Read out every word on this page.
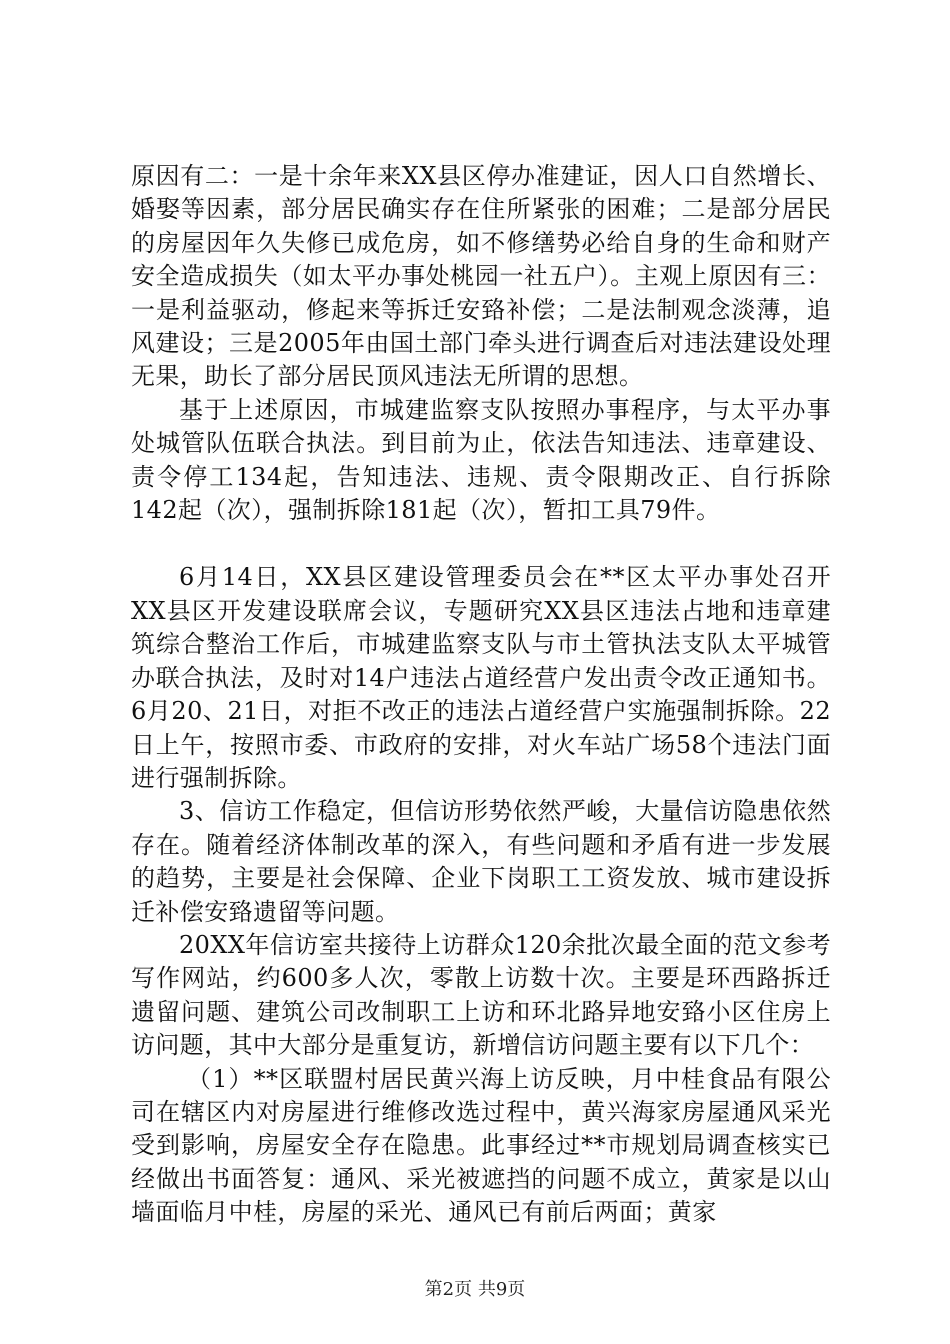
原因有二：一是十余年来XX县区停办准建证，因人口自然增长、婚娶等因素，部分居民确实存在住所紧张的困难；二是部分居民的房屋因年久失修已成危房，如不修缮势必给自身的生命和财产安全造成损失（如太平办事处桃园一社五户）。主观上原因有三：一是利益驱动，修起来等拆迁安臵补偿；二是法制观念淡薄，追风建设；三是2005年由国土部门牵头进行调查后对违法建设处理无果，助长了部分居民顶风违法无所谓的思想。

基于上述原因，市城建监察支队按照办事程序，与太平办事处城管队伍联合执法。到目前为止，依法告知违法、违章建设、责令停工134起，告知违法、违规、责令限期改正、自行拆除142起（次），强制拆除181起（次），暂扣工具79件。

6月14日，XX县区建设管理委员会在**区太平办事处召开XX县区开发建设联席会议，专题研究XX县区违法占地和违章建筑综合整治工作后，市城建监察支队与市土管执法支队太平城管办联合执法，及时对14户违法占道经营户发出责令改正通知书。6月20、21日，对拒不改正的违法占道经营户实施强制拆除。22日上午，按照市委、市政府的安排，对火车站广场58个违法门面进行强制拆除。

3、信访工作稳定，但信访形势依然严峻，大量信访隐患依然存在。随着经济体制改革的深入，有些问题和矛盾有进一步发展的趋势，主要是社会保障、企业下岗职工工资发放、城市建设拆迁补偿安臵遗留等问题。

20XX年信访室共接待上访群众120余批次最全面的范文参考写作网站，约600多人次，零散上访数十次。主要是环西路拆迁遗留问题、建筑公司改制职工上访和环北路异地安臵小区住房上访问题，其中大部分是重复访，新增信访问题主要有以下几个：

（1）**区联盟村居民黄兴海上访反映，月中桂食品有限公司在辖区内对房屋进行维修改选过程中，黄兴海家房屋通风采光受到影响，房屋安全存在隐患。此事经过**市规划局调查核实已经做出书面答复：通风、采光被遮挡的问题不成立，黄家是以山墙面临月中桂，房屋的采光、通风已有前后两面；黄家

第2页 共9页
